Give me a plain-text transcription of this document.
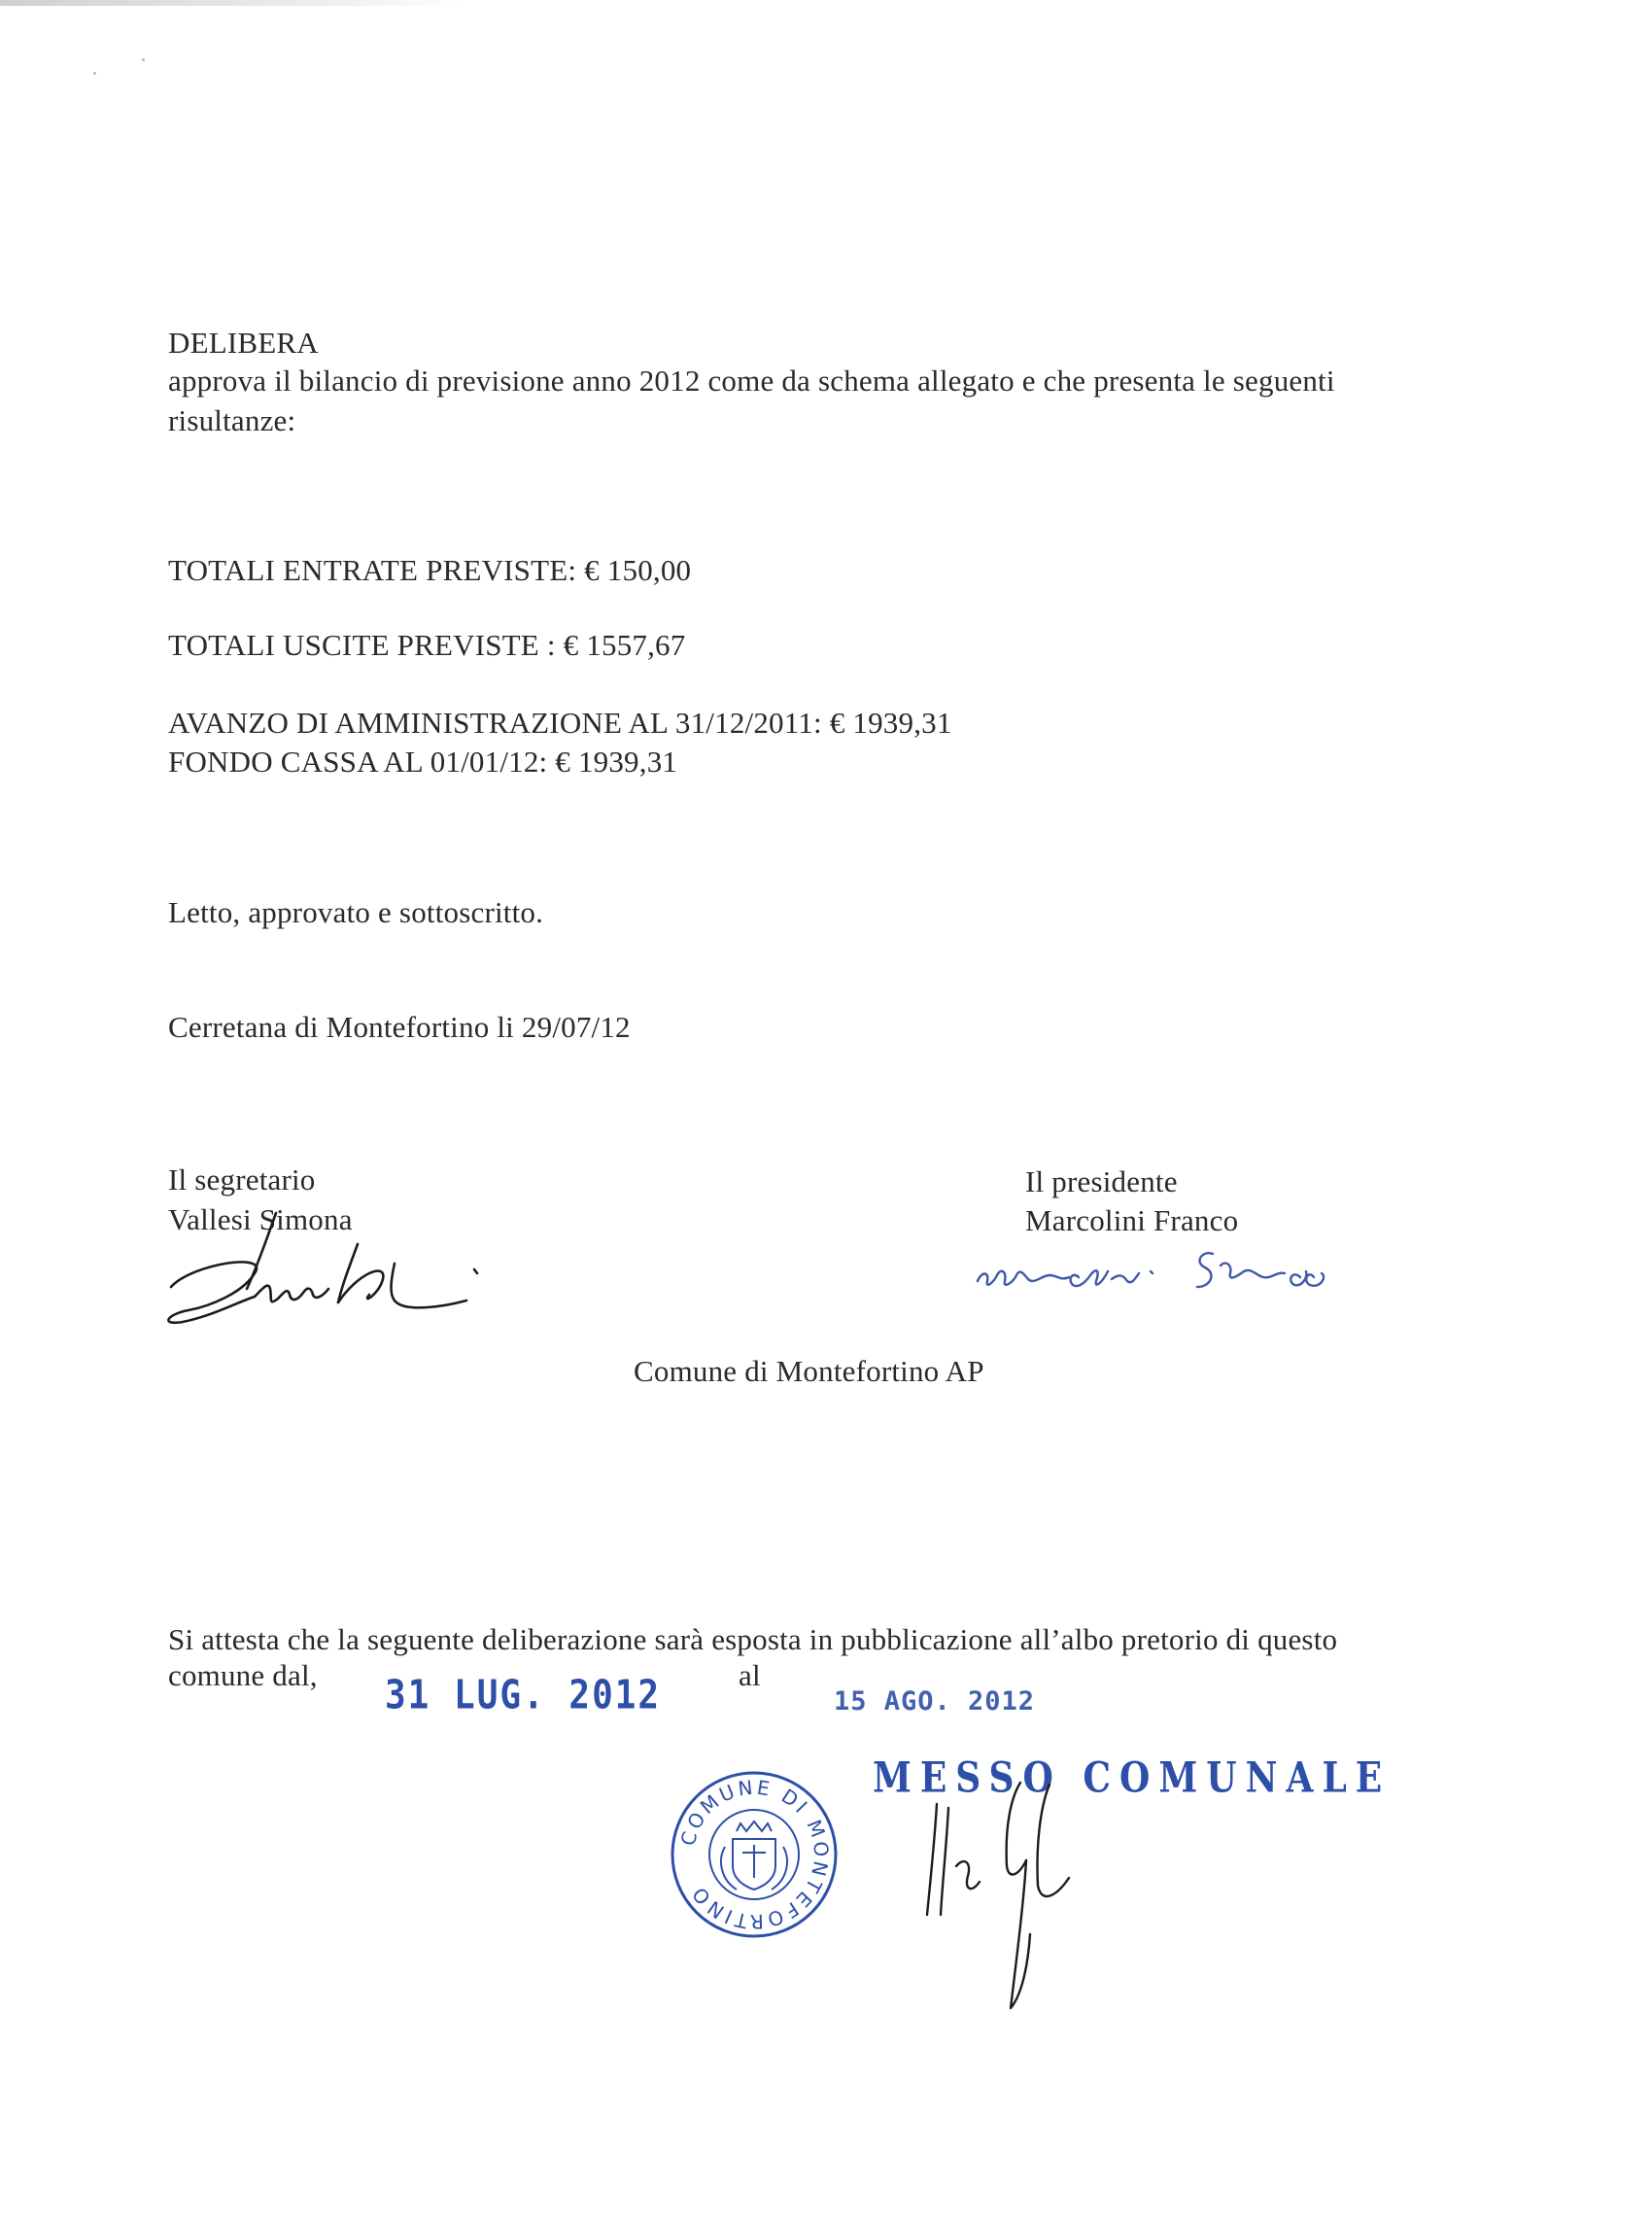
DELIBERA
approva il bilancio di previsione anno 2012 come da schema allegato e che presenta le seguenti
risultanze:
TOTALI ENTRATE PREVISTE: € 150,00
TOTALI USCITE PREVISTE : € 1557,67
AVANZO DI AMMINISTRAZIONE AL 31/12/2011: € 1939,31
FONDO CASSA AL 01/01/12: € 1939,31
Letto, approvato e sottoscritto.
Cerretana di Montefortino li 29/07/12
Il segretario
Vallesi Simona
Il presidente
Marcolini Franco
Comune di Montefortino AP
Si attesta che la seguente deliberazione sarà esposta in pubblicazione all’albo pretorio di questo
comune dal,	al
31 LUG. 2012	15 AGO. 2012
COMUNE DI MONTEFORTINO
MESSO COMUNALE
